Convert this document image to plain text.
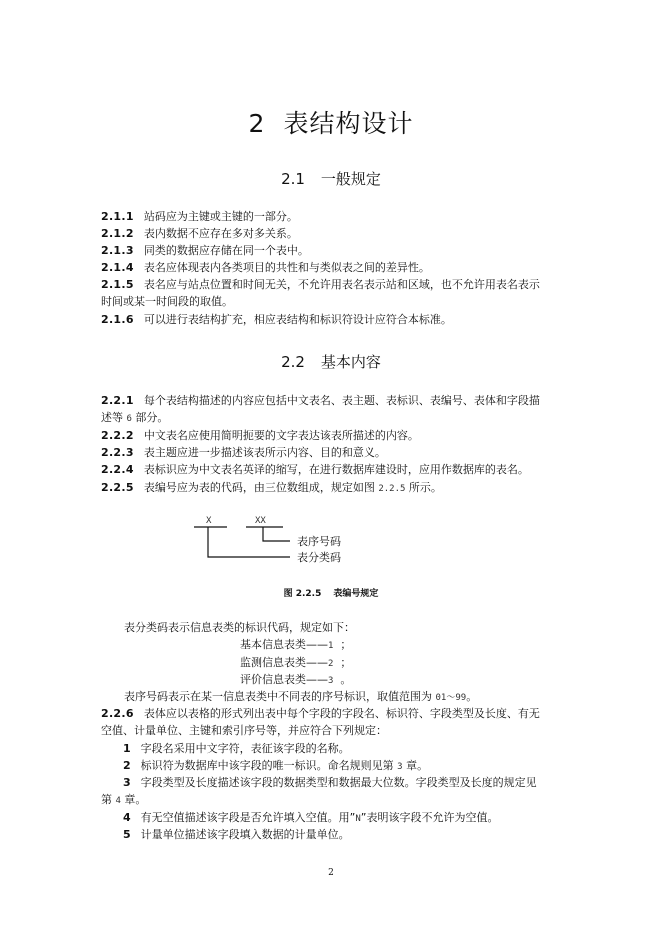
2 表结构设计
2.1 一般规定
2.1.1 站码应为主键或主键的一部分。
2.1.2 表内数据不应存在多对多关系。
2.1.3 同类的数据应存储在同一个表中。
2.1.4 表名应体现表内各类项目的共性和与类似表之间的差异性。
2.1.5 表名应与站点位置和时间无关，不允许用表名表示站和区域，也不允许用表名表示
时间或某一时间段的取值。
2.1.6 可以进行表结构扩充，相应表结构和标识符设计应符合本标准。
2.2 基本内容
2.2.1 每个表结构描述的内容应包括中文表名、表主题、表标识、表编号、表体和字段描
述等 6 部分。
2.2.2 中文表名应使用简明扼要的文字表达该表所描述的内容。
2.2.3 表主题应进一步描述该表所示内容、目的和意义。
2.2.4 表标识应为中文表名英译的缩写，在进行数据库建设时，应用作数据库的表名。
2.2.5 表编号应为表的代码，由三位数组成，规定如图 2.2.5 所示。
X	XX
表序号码
表分类码
图 2.2.5 表编号规定
表分类码表示信息表类的标识代码，规定如下：
基本信息表类——1 ；
监测信息表类——2 ；
评价信息表类——3 。
表序号码表示在某一信息表类中不同表的序号标识，取值范围为 01～99。
2.2.6 表体应以表格的形式列出表中每个字段的字段名、标识符、字段类型及长度、有无
空值、计量单位、主键和索引序号等，并应符合下列规定：
1 字段名采用中文字符，表征该字段的名称。
2 标识符为数据库中该字段的唯一标识。命名规则见第 3 章。
3 字段类型及长度描述该字段的数据类型和数据最大位数。字段类型及长度的规定见
第 4 章。
4 有无空值描述该字段是否允许填入空值。用”N”表明该字段不允许为空值。
5 计量单位描述该字段填入数据的计量单位。
2
